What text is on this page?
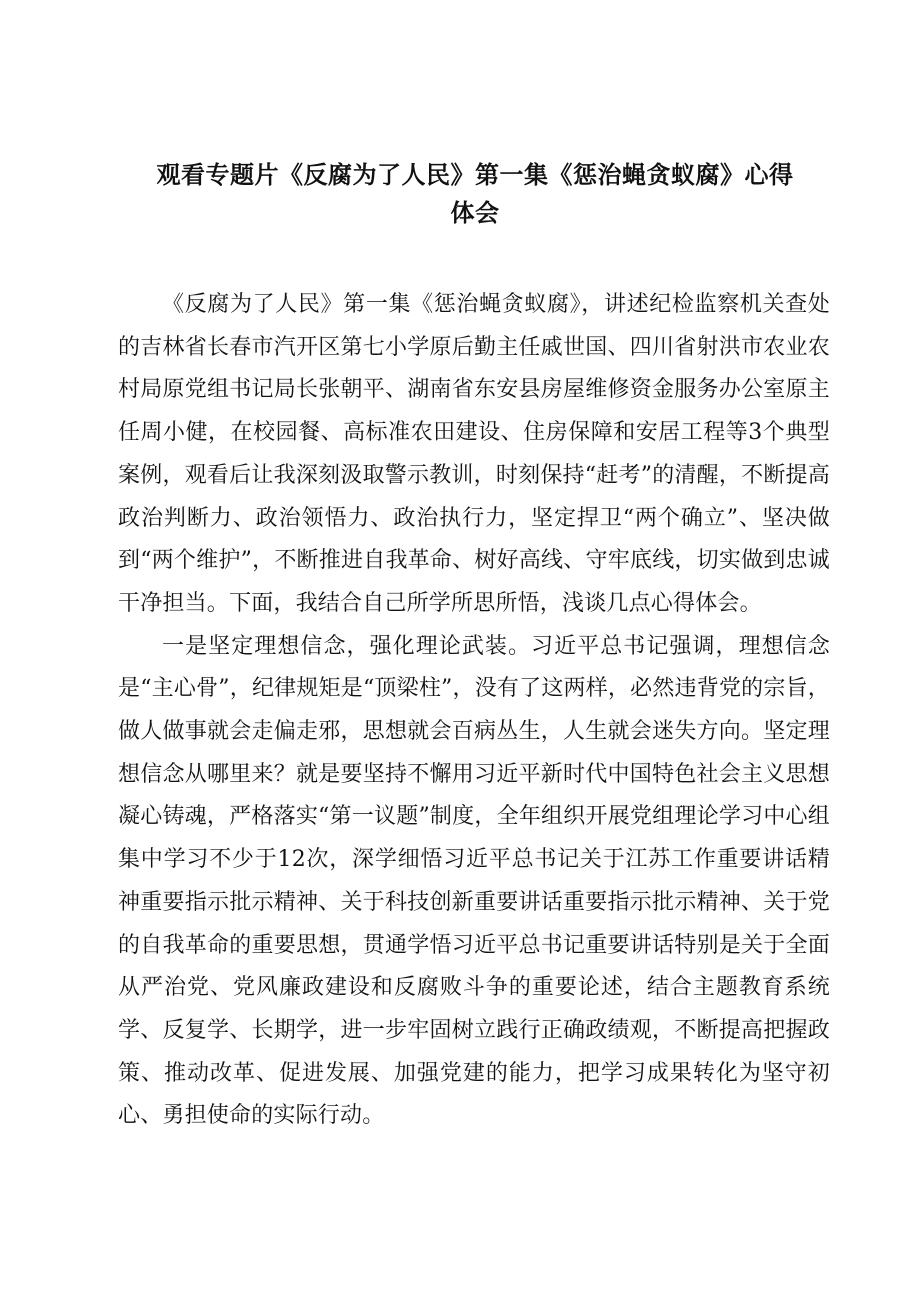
观看专题片《反腐为了人民》第一集《惩治蝇贪蚁腐》心得
体会

《反腐为了人民》第一集《惩治蝇贪蚁腐》，讲述纪检监察机关查处的吉林省长春市汽开区第七小学原后勤主任戚世国、四川省射洪市农业农村局原党组书记局长张朝平、湖南省东安县房屋维修资金服务办公室原主任周小健，在校园餐、高标准农田建设、住房保障和安居工程等3个典型案例，观看后让我深刻汲取警示教训，时刻保持“赶考”的清醒，不断提高政治判断力、政治领悟力、政治执行力，坚定捍卫“两个确立”、坚决做到“两个维护”，不断推进自我革命、树好高线、守牢底线，切实做到忠诚干净担当。下面，我结合自己所学所思所悟，浅谈几点心得体会。

一是坚定理想信念，强化理论武装。习近平总书记强调，理想信念是“主心骨”，纪律规矩是“顶梁柱”，没有了这两样，必然违背党的宗旨，做人做事就会走偏走邪，思想就会百病丛生，人生就会迷失方向。坚定理想信念从哪里来？就是要坚持不懈用习近平新时代中国特色社会主义思想凝心铸魂，严格落实“第一议题”制度，全年组织开展党组理论学习中心组集中学习不少于12次，深学细悟习近平总书记关于江苏工作重要讲话精神重要指示批示精神、关于科技创新重要讲话重要指示批示精神、关于党的自我革命的重要思想，贯通学悟习近平总书记重要讲话特别是关于全面从严治党、党风廉政建设和反腐败斗争的重要论述，结合主题教育系统学、反复学、长期学，进一步牢固树立践行正确政绩观，不断提高把握政策、推动改革、促进发展、加强党建的能力，把学习成果转化为坚守初心、勇担使命的实际行动。
